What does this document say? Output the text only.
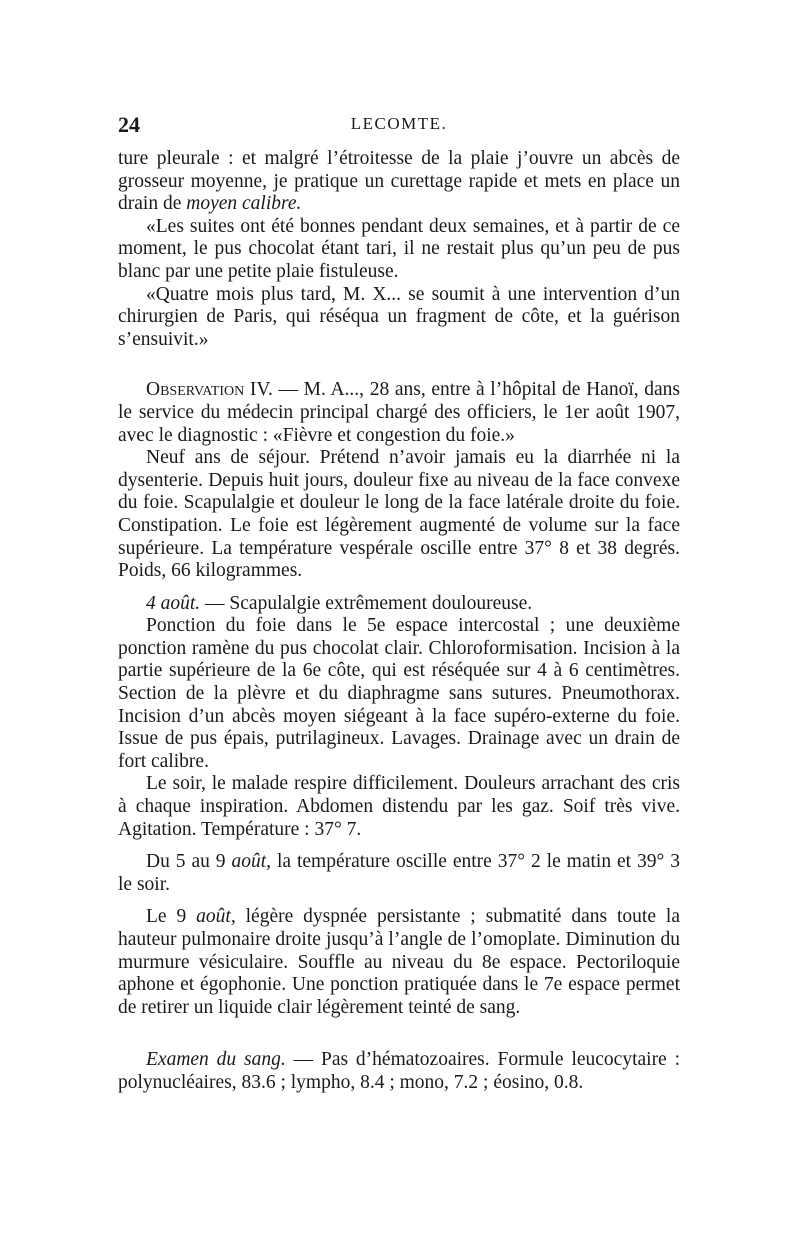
24	LECOMTE.

ture pleurale : et malgré l’étroitesse de la plaie j’ouvre un abcès de grosseur moyenne, je pratique un curettage rapide et mets en place un drain de moyen calibre.

«Les suites ont été bonnes pendant deux semaines, et à partir de ce moment, le pus chocolat étant tari, il ne restait plus qu’un peu de pus blanc par une petite plaie fistuleuse.

«Quatre mois plus tard, M. X... se soumit à une intervention d’un chirurgien de Paris, qui réséqua un fragment de côte, et la guérison s’ensuivit.»

Observation IV. — M. A..., 28 ans, entre à l’hôpital de Hanoï, dans le service du médecin principal chargé des officiers, le 1er août 1907, avec le diagnostic : «Fièvre et congestion du foie.»

Neuf ans de séjour. Prétend n’avoir jamais eu la diarrhée ni la dysenterie. Depuis huit jours, douleur fixe au niveau de la face convexe du foie. Scapulalgie et douleur le long de la face latérale droite du foie. Constipation. Le foie est légèrement augmenté de volume sur la face supérieure. La température vespérale oscille entre 37° 8 et 38 degrés. Poids, 66 kilogrammes.

4 août. — Scapulalgie extrêmement douloureuse.

Ponction du foie dans le 5e espace intercostal ; une deuxième ponction ramène du pus chocolat clair. Chloroformisation. Incision à la partie supérieure de la 6e côte, qui est réséquée sur 4 à 6 centimètres. Section de la plèvre et du diaphragme sans sutures. Pneumothorax. Incision d’un abcès moyen siégeant à la face supéro-externe du foie. Issue de pus épais, putrilagineux. Lavages. Drainage avec un drain de fort calibre.

Le soir, le malade respire difficilement. Douleurs arrachant des cris à chaque inspiration. Abdomen distendu par les gaz. Soif très vive. Agitation. Température : 37° 7.

Du 5 au 9 août, la température oscille entre 37° 2 le matin et 39° 3 le soir.

Le 9 août, légère dyspnée persistante ; submatité dans toute la hauteur pulmonaire droite jusqu’à l’angle de l’omoplate. Diminution du murmure vésiculaire. Souffle au niveau du 8e espace. Pectoriloquie aphone et égophonie. Une ponction pratiquée dans le 7e espace permet de retirer un liquide clair légèrement teinté de sang.

Examen du sang. — Pas d’hématozoaires. Formule leucocytaire : polynucléaires, 83.6 ; lympho, 8.4 ; mono, 7.2 ; éosino, 0.8.
